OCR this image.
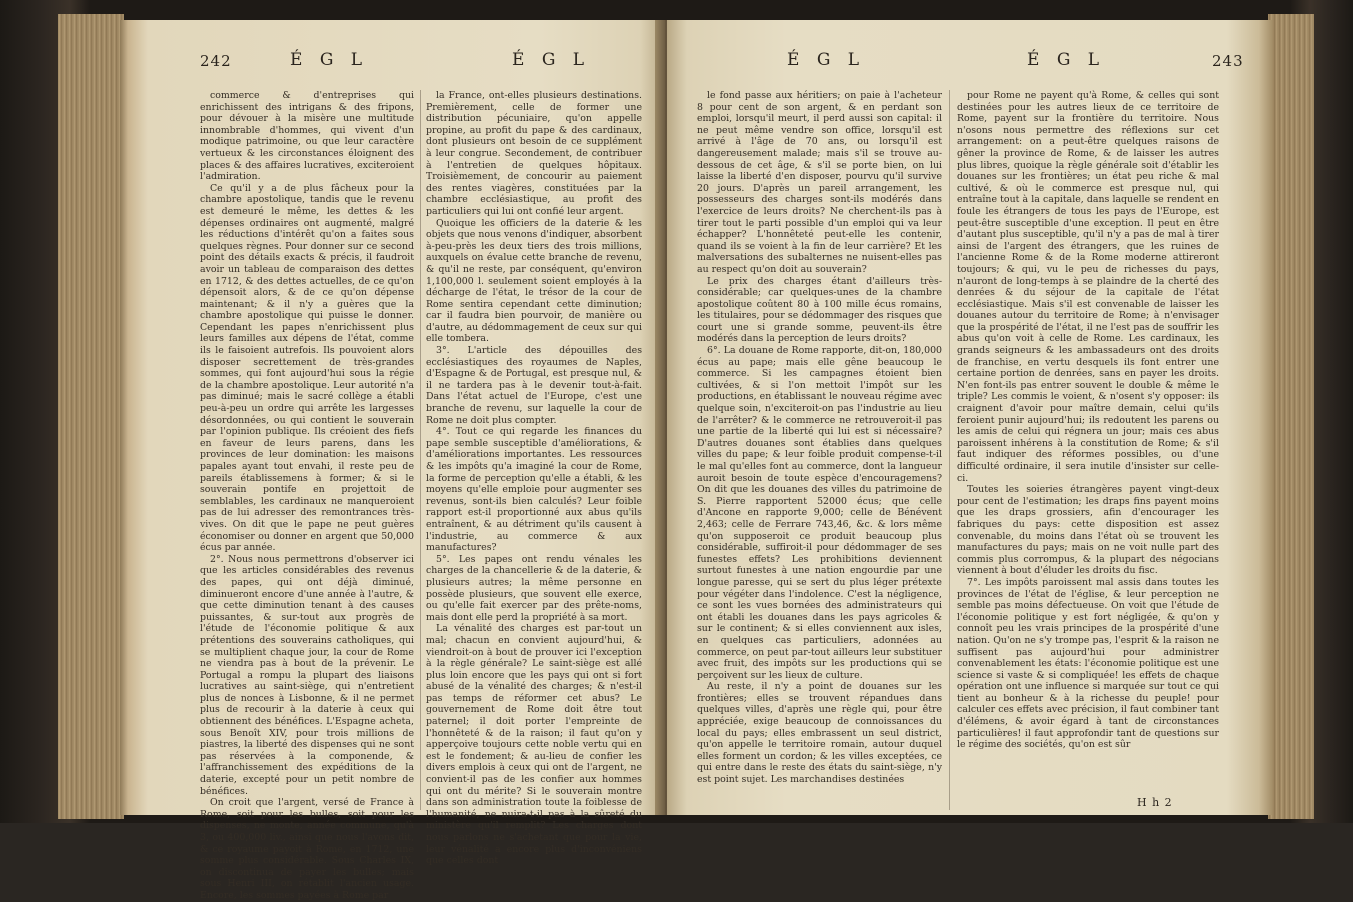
242	É G L	É G L

commerce & d'entreprises qui enrichissent des intrigans & des fripons, pour dévouer à la misère une multitude innombrable d'hommes, qui vivent d'un modique patrimoine, ou que leur caractère vertueux & les circonstances éloignent des places & des affaires lucratives, exciteroient l'admiration.

Ce qu'il y a de plus fâcheux pour la chambre apostolique, tandis que le revenu est demeuré le même, les dettes & les dépenses ordinaires ont augmenté, malgré les réductions d'intérêt qu'on a faites sous quelques règnes. Pour donner sur ce second point des détails exacts & précis, il faudroit avoir un tableau de comparaison des dettes en 1712, & des dettes actuelles, de ce qu'on dépensoit alors, & de ce qu'on dépense maintenant; & il n'y a guères que la chambre apostolique qui puisse le donner. Cependant les papes n'enrichissent plus leurs familles aux dépens de l'état, comme ils le faisoient autrefois. Ils pouvoient alors disposer secrettement de très-grandes sommes, qui font aujourd'hui sous la régie de la chambre apostolique. Leur autorité n'a pas diminué; mais le sacré collège a établi peu-à-peu un ordre qui arrête les largesses désordonnées, ou qui contient le souverain par l'opinion publique. Ils créoient des fiefs en faveur de leurs parens, dans les provinces de leur domination: les maisons papales ayant tout envahi, il reste peu de pareils établissemens à former; & si le souverain pontife en projettoit de semblables, les cardinaux ne manqueroient pas de lui adresser des remontrances très-vives. On dit que le pape ne peut guères économiser ou donner en argent que 50,000 écus par année.

2°. Nous nous permettrons d'observer ici que les articles considérables des revenus des papes, qui ont déjà diminué, diminueront encore d'une année à l'autre, & que cette diminution tenant à des causes puissantes, & sur-tout aux progrès de l'étude de l'économie politique & aux prétentions des souverains catholiques, qui se multiplient chaque jour, la cour de Rome ne viendra pas à bout de la prévenir. Le Portugal a rompu la plupart des liaisons lucratives au saint-siège, qui n'entretient plus de nonces à Lisbonne, & il ne permet plus de recourir à la daterie à ceux qui obtiennent des bénéfices. L'Espagne acheta, sous Benoît XIV, pour trois millions de piastres, la liberté des dispenses qui ne sont pas réservées à la componende, & l'affranchissement des expéditions de la daterie, excepté pour un petit nombre de bénéfices.

On croit que l'argent, versé de France à Rome, soit pour les bulles, soit pour les dispenses, ne monte, année commune, qu'à 3, ou 400,000 liv., ainsi que nous l'avons dit, & ce royaume payoit à Rome, en 1712, une somme plus considérable. Sous Charles IX, on discontinua de payer les bulles; mais sous Henri III, on rétablit l'ancien usage. Encore, les sommes payées à Rome par

la France, ont-elles plusieurs destinations. Premièrement, celle de former une distribution pécuniaire, qu'on appelle propine, au profit du pape & des cardinaux, dont plusieurs ont besoin de ce supplément à leur congrue. Secondement, de contribuer à l'entretien de quelques hôpitaux. Troisièmement, de concourir au paiement des rentes viagères, constituées par la chambre ecclésiastique, au profit des particuliers qui lui ont confié leur argent.

Quoique les officiers de la daterie & les objets que nous venons d'indiquer, absorbent à-peu-près les deux tiers des trois millions, auxquels on évalue cette branche de revenu, & qu'il ne reste, par conséquent, qu'environ 1,100,000 l. seulement soient employés à la décharge de l'état, le trésor de la cour de Rome sentira cependant cette diminution; car il faudra bien pourvoir, de manière ou d'autre, au dédommagement de ceux sur qui elle tombera.

3°. L'article des dépouilles des ecclésiastiques des royaumes de Naples, d'Espagne & de Portugal, est presque nul, & il ne tardera pas à le devenir tout-à-fait. Dans l'état actuel de l'Europe, c'est une branche de revenu, sur laquelle la cour de Rome ne doit plus compter.

4°. Tout ce qui regarde les finances du pape semble susceptible d'améliorations, & d'améliorations importantes. Les ressources & les impôts qu'a imaginé la cour de Rome, la forme de perception qu'elle a établi, & les moyens qu'elle emploie pour augmenter ses revenus, sont-ils bien calculés? Leur foible rapport est-il proportionné aux abus qu'ils entraînent, & au détriment qu'ils causent à l'industrie, au commerce & aux manufactures?

5°. Les papes ont rendu vénales les charges de la chancellerie & de la daterie, & plusieurs autres; la même personne en possède plusieurs, que souvent elle exerce, ou qu'elle fait exercer par des prête-noms, mais dont elle perd la propriété à sa mort.

La vénalité des charges est par-tout un mal; chacun en convient aujourd'hui, & viendroit-on à bout de prouver ici l'exception à la règle générale? Le saint-siège est allé plus loin encore que les pays qui ont si fort abusé de la vénalité des charges; & n'est-il pas temps de réformer cet abus? Le gouvernement de Rome doit être tout paternel; il doit porter l'empreinte de l'honnêteté & de la raison; il faut qu'on y apperçoive toujours cette noble vertu qui en est le fondement; & au-lieu de confier les divers emplois à ceux qui ont de l'argent, ne convient-il pas de les confier aux hommes qui ont du mérite? Si le souverain montre dans son administration toute la foiblesse de l'humanité, ne nuira-t-il pas à la sûreté du ministère qu'il remplit? Les charges dont nous parlons ne s'achetant que pour la vie, leur vénalité a encore plus d'inconvéniens que celles dont

É G L	É G L	243

le fond passe aux héritiers; on paie à l'acheteur 8 pour cent de son argent, & en perdant son emploi, lorsqu'il meurt, il perd aussi son capital: il ne peut même vendre son office, lorsqu'il est arrivé à l'âge de 70 ans, ou lorsqu'il est dangereusement malade; mais s'il se trouve au-dessous de cet âge, & s'il se porte bien, on lui laisse la liberté d'en disposer, pourvu qu'il survive 20 jours. D'après un pareil arrangement, les possesseurs des charges sont-ils modérés dans l'exercice de leurs droits? Ne cherchent-ils pas à tirer tout le parti possible d'un emploi qui va leur échapper? L'honnêteté peut-elle les contenir, quand ils se voient à la fin de leur carrière? Et les malversations des subalternes ne nuisent-elles pas au respect qu'on doit au souverain?

Le prix des charges étant d'ailleurs très-considérable; car quelques-unes de la chambre apostolique coûtent 80 à 100 mille écus romains, les titulaires, pour se dédommager des risques que court une si grande somme, peuvent-ils être modérés dans la perception de leurs droits?

6°. La douane de Rome rapporte, dit-on, 180,000 écus au pape; mais elle gêne beaucoup le commerce. Si les campagnes étoient bien cultivées, & si l'on mettoit l'impôt sur les productions, en établissant le nouveau régime avec quelque soin, n'exciteroit-on pas l'industrie au lieu de l'arrêter? & le commerce ne retrouveroit-il pas une partie de la liberté qui lui est si nécessaire? D'autres douanes sont établies dans quelques villes du pape; & leur foible produit compense-t-il le mal qu'elles font au commerce, dont la langueur auroit besoin de toute espèce d'encouragemens? On dit que les douanes des villes du patrimoine de S. Pierre rapportent 52000 écus; que celle d'Ancone en rapporte 9,000; celle de Bénévent 2,463; celle de Ferrare 743,46, &c. & lors même qu'on supposeroit ce produit beaucoup plus considérable, suffiroit-il pour dédommager de ses funestes effets? Les prohibitions deviennent surtout funestes à une nation engourdie par une longue paresse, qui se sert du plus léger prétexte pour végéter dans l'indolence. C'est la négligence, ce sont les vues bornées des administrateurs qui ont établi les douanes dans les pays agricoles & sur le continent; & si elles conviennent aux isles, en quelques cas particuliers, adonnées au commerce, on peut par-tout ailleurs leur substituer avec fruit, des impôts sur les productions qui se perçoivent sur les lieux de culture.

Au reste, il n'y a point de douanes sur les frontières; elles se trouvent répandues dans quelques villes, d'après une règle qui, pour être appréciée, exige beaucoup de connoissances du local du pays; elles embrassent un seul district, qu'on appelle le territoire romain, autour duquel elles forment un cordon; & les villes exceptées, ce qui entre dans le reste des états du saint-siège, n'y est point sujet. Les marchandises destinées

pour Rome ne payent qu'à Rome, & celles qui sont destinées pour les autres lieux de ce territoire de Rome, payent sur la frontière du territoire. Nous n'osons nous permettre des réflexions sur cet arrangement: on a peut-être quelques raisons de gêner la province de Rome, & de laisser les autres plus libres, quoique la règle générale soit d'établir les douanes sur les frontières; un état peu riche & mal cultivé, & où le commerce est presque nul, qui entraîne tout à la capitale, dans laquelle se rendent en foule les étrangers de tous les pays de l'Europe, est peut-être susceptible d'une exception. Il peut en être d'autant plus susceptible, qu'il n'y a pas de mal à tirer ainsi de l'argent des étrangers, que les ruines de l'ancienne Rome & de la Rome moderne attireront toujours; & qui, vu le peu de richesses du pays, n'auront de long-temps à se plaindre de la cherté des denrées & du séjour de la capitale de l'état ecclésiastique. Mais s'il est convenable de laisser les douanes autour du territoire de Rome; à n'envisager que la prospérité de l'état, il ne l'est pas de souffrir les abus qu'on voit à celle de Rome. Les cardinaux, les grands seigneurs & les ambassadeurs ont des droits de franchise, en vertu desquels ils font entrer une certaine portion de denrées, sans en payer les droits. N'en font-ils pas entrer souvent le double & même le triple? Les commis le voient, & n'osent s'y opposer: ils craignent d'avoir pour maître demain, celui qu'ils feroient punir aujourd'hui; ils redoutent les parens ou les amis de celui qui régnera un jour; mais ces abus paroissent inhérens à la constitution de Rome; & s'il faut indiquer des réformes possibles, ou d'une difficulté ordinaire, il sera inutile d'insister sur celle-ci.

Toutes les soieries étrangères payent vingt-deux pour cent de l'estimation; les draps fins payent moins que les draps grossiers, afin d'encourager les fabriques du pays: cette disposition est assez convenable, du moins dans l'état où se trouvent les manufactures du pays; mais on ne voit nulle part des commis plus corrompus, & la plupart des négocians viennent à bout d'éluder les droits du fisc.

7°. Les impôts paroissent mal assis dans toutes les provinces de l'état de l'église, & leur perception ne semble pas moins défectueuse. On voit que l'étude de l'économie politique y est fort négligée, & qu'on y connoît peu les vrais principes de la prospérité d'une nation. Qu'on ne s'y trompe pas, l'esprit & la raison ne suffisent pas aujourd'hui pour administrer convenablement les états: l'économie politique est une science si vaste & si compliquée! les effets de chaque opération ont une influence si marquée sur tout ce qui tient au bonheur & à la richesse du peuple! pour calculer ces effets avec précision, il faut combiner tant d'élémens, & avoir égard à tant de circonstances particulières! il faut approfondir tant de questions sur le régime des sociétés, qu'on est sûr

H h 2
